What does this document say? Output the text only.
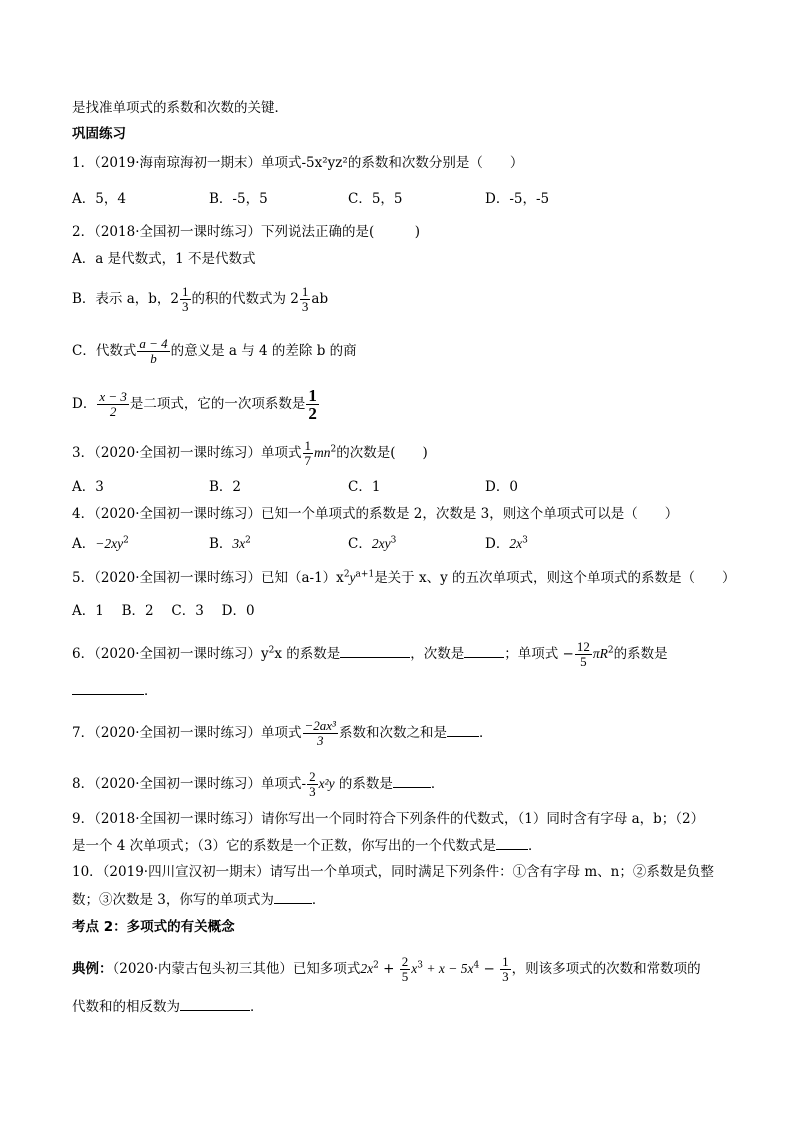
是找准单项式的系数和次数的关键．
巩固练习
1．（2019·海南琼海初一期末）单项式-5x²yz²的系数和次数分别是（　　）
A．5，4	B．-5，5	C．5，5	D．-5，-5
2．（2018·全国初一课时练习）下列说法正确的是(　　　)
A．a 是代数式，1 不是代数式
B．表示 a，b，$2 \frac{1}{3}$ 的积的代数式为 $2 \frac{1}{3}$ ab
C．代数式 $\frac{a - 4}{b}$ 的意义是 a 与 4 的差除 b 的商
D． $\frac{x - 3}{2}$ 是二项式，它的一次项系数是 $\frac{1}{2}$
3．（2020·全国初一课时练习）单项式 $\frac{1}{7} mn^2$的次数是(　　)
A．3	B．2	C．1	D．0
4．（2020·全国初一课时练习）已知一个单项式的系数是 2，次数是 3，则这个单项式可以是（　　）
A．$-2xy^2$	B．$3x^2$	C．$2xy^3$	D．$2x^3$
5．（2020·全国初一课时练习）已知$(a-1)x^2y^{a+1}$是关于 x、y 的五次单项式，则这个单项式的系数是（　　）
A．1　 B．2　 C．3　 D．0
6．（2020·全国初一课时练习）$y^2x$ 的系数是	，次数是	；单项式 − $\frac{12}{5} \pi R^2$的系数是
．
7．（2020·全国初一课时练习）单项式 $\frac{\text{−2ax³}}{3}$ 系数和次数之和是 ．
8．（2020·全国初一课时练习）单项式- $\frac{2}{3} x^2y$ 的系数是	．
9．（2018·全国初一课时练习）请你写出一个同时符合下列条件的代数式，（1）同时含有字母 a，b；（2）
是一个 4 次单项式；（3）它的系数是一个正数，你写出的一个代数式是 ．
10．（2019·四川宣汉初一期末）请写出一个单项式，同时满足下列条件：①含有字母 m、n；②系数是负整
数；③次数是 3，你写的单项式为	．
考点 2：多项式的有关概念
典例：（2020·内蒙古包头初三其他）已知多项式$2x^2 + \frac{2}{5} x^3 + x - 5x^4 - \frac{1}{3}$ ，则该多项式的次数和常数项的
代数和的相反数为	．
